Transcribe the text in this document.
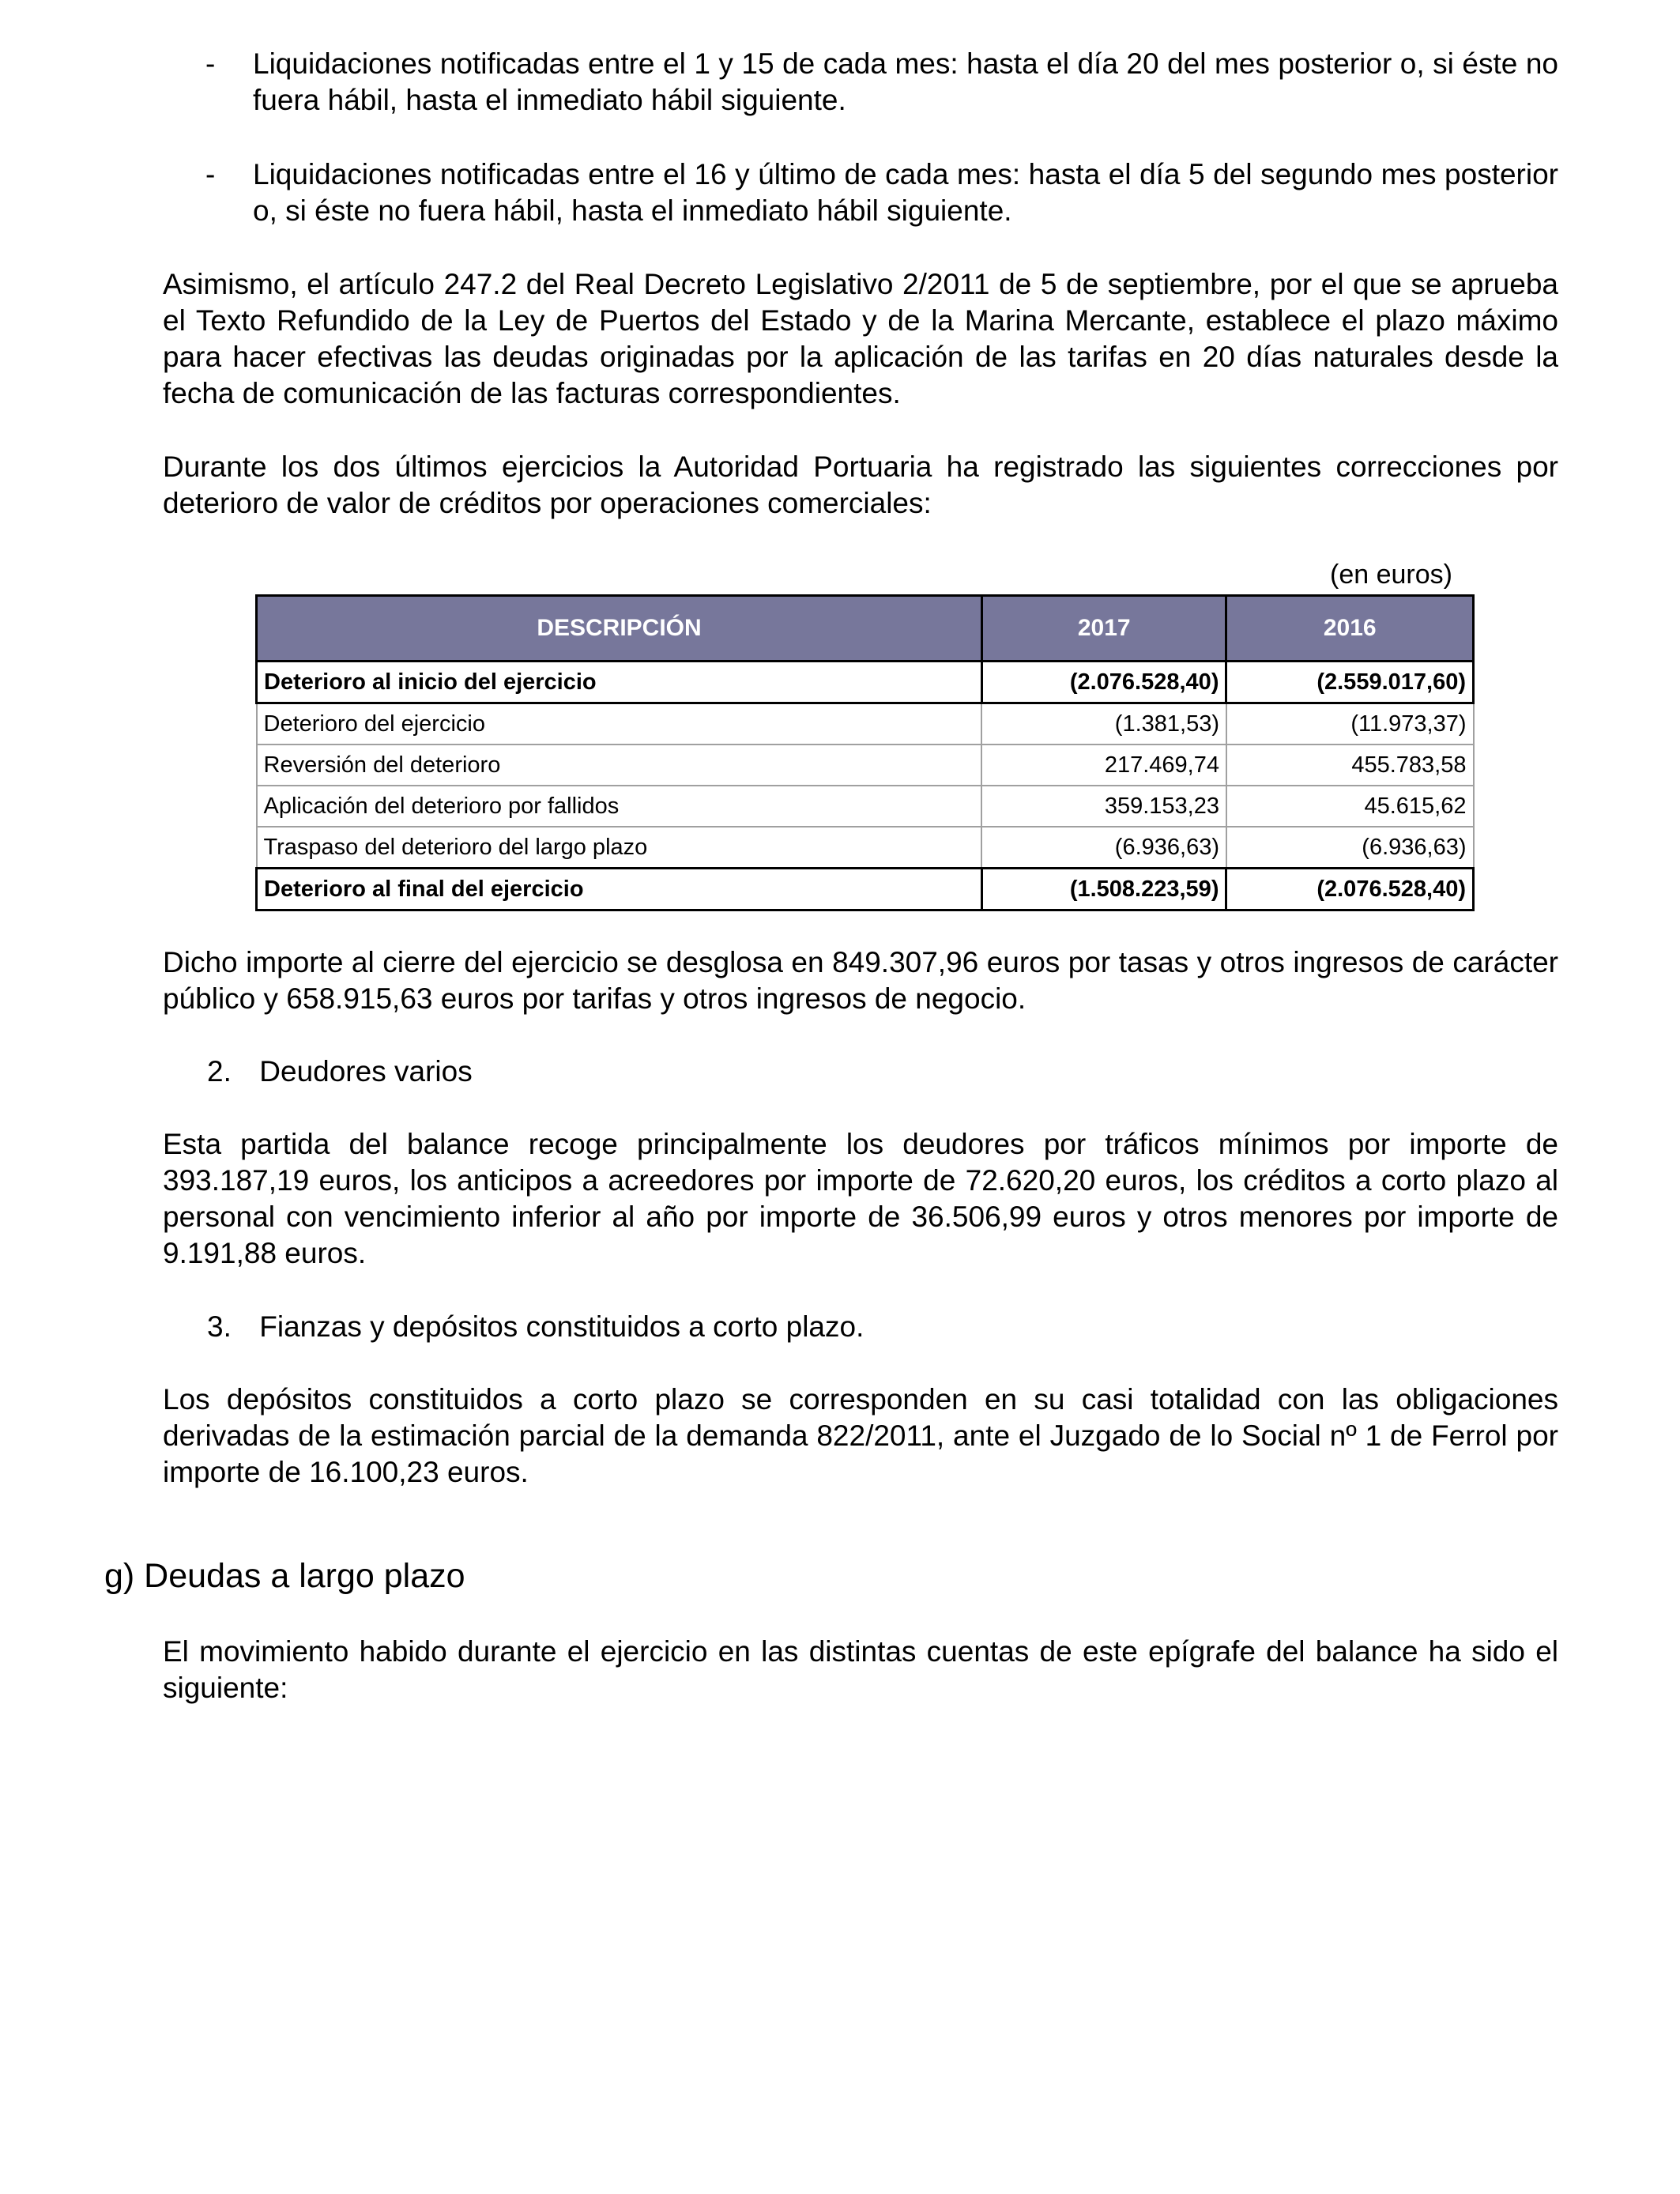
- Liquidaciones notificadas entre el 1 y 15 de cada mes: hasta el día 20 del mes posterior o, si éste no fuera hábil, hasta el inmediato hábil siguiente.
- Liquidaciones notificadas entre el 16 y último de cada mes: hasta el día 5 del segundo mes posterior o, si éste no fuera hábil, hasta el inmediato hábil siguiente.
Asimismo, el artículo 247.2 del Real Decreto Legislativo 2/2011 de 5 de septiembre, por el que se aprueba el Texto Refundido de la Ley de Puertos del Estado y de la Marina Mercante, establece el plazo máximo para hacer efectivas las deudas originadas por la aplicación de las tarifas en 20 días naturales desde la fecha de comunicación de las facturas correspondientes.
Durante los dos últimos ejercicios la Autoridad Portuaria ha registrado las siguientes correcciones por deterioro de valor de créditos por operaciones comerciales:
(en euros)
DESCRIPCIÓN	2017	2016
Deterioro al inicio del ejercicio	(2.076.528,40)	(2.559.017,60)
Deterioro del ejercicio	(1.381,53)	(11.973,37)
Reversión del deterioro	217.469,74	455.783,58
Aplicación del deterioro por fallidos	359.153,23	45.615,62
Traspaso del deterioro del largo plazo	(6.936,63)	(6.936,63)
Deterioro al final del ejercicio	(1.508.223,59)	(2.076.528,40)
Dicho importe al cierre del ejercicio se desglosa en 849.307,96 euros por tasas y otros ingresos de carácter público y 658.915,63 euros por tarifas y otros ingresos de negocio.
2. Deudores varios
Esta partida del balance recoge principalmente los deudores por tráficos mínimos por importe de 393.187,19 euros, los anticipos a acreedores por importe de 72.620,20 euros, los créditos a corto plazo al personal con vencimiento inferior al año por importe de 36.506,99 euros y otros menores por importe de 9.191,88 euros.
3. Fianzas y depósitos constituidos a corto plazo.
Los depósitos constituidos a corto plazo se corresponden en su casi totalidad con las obligaciones derivadas de la estimación parcial de la demanda 822/2011, ante el Juzgado de lo Social nº 1 de Ferrol por importe de 16.100,23 euros.
g) Deudas a largo plazo
El movimiento habido durante el ejercicio en las distintas cuentas de este epígrafe del balance ha sido el siguiente:
